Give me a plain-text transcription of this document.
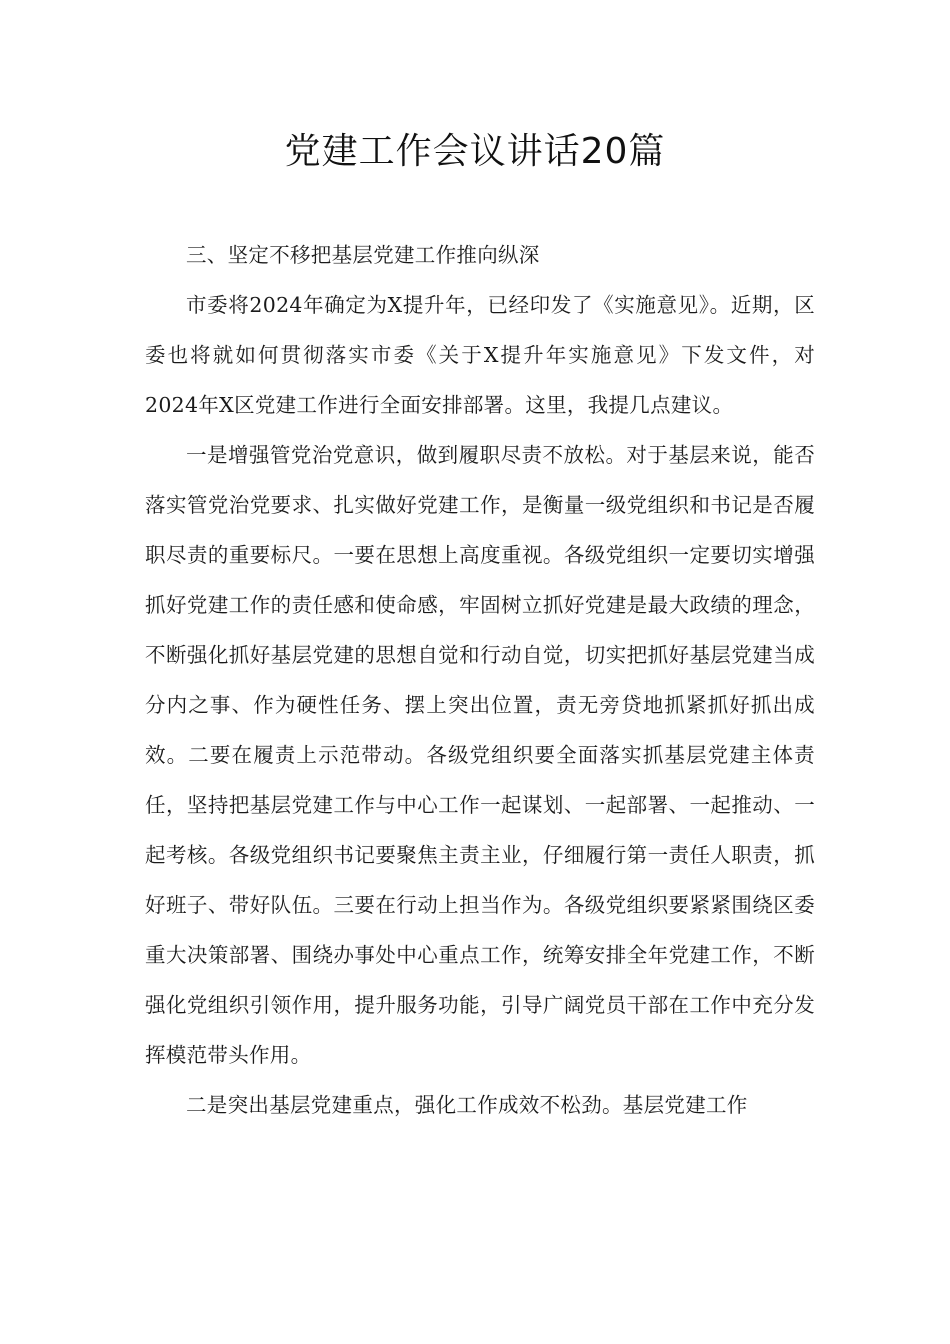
党建工作会议讲话20篇

三、坚定不移把基层党建工作推向纵深

市委将2024年确定为X提升年，已经印发了《实施意见》。近期，区委也将就如何贯彻落实市委《关于X提升年实施意见》下发文件，对2024年X区党建工作进行全面安排部署。这里，我提几点建议。

一是增强管党治党意识，做到履职尽责不放松。对于基层来说，能否落实管党治党要求、扎实做好党建工作，是衡量一级党组织和书记是否履职尽责的重要标尺。一要在思想上高度重视。各级党组织一定要切实增强抓好党建工作的责任感和使命感，牢固树立抓好党建是最大政绩的理念，不断强化抓好基层党建的思想自觉和行动自觉，切实把抓好基层党建当成分内之事、作为硬性任务、摆上突出位置，责无旁贷地抓紧抓好抓出成效。二要在履责上示范带动。各级党组织要全面落实抓基层党建主体责任，坚持把基层党建工作与中心工作一起谋划、一起部署、一起推动、一起考核。各级党组织书记要聚焦主责主业，仔细履行第一责任人职责，抓好班子、带好队伍。三要在行动上担当作为。各级党组织要紧紧围绕区委重大决策部署、围绕办事处中心重点工作，统筹安排全年党建工作，不断强化党组织引领作用，提升服务功能，引导广阔党员干部在工作中充分发挥模范带头作用。

二是突出基层党建重点，强化工作成效不松劲。基层党建工作
